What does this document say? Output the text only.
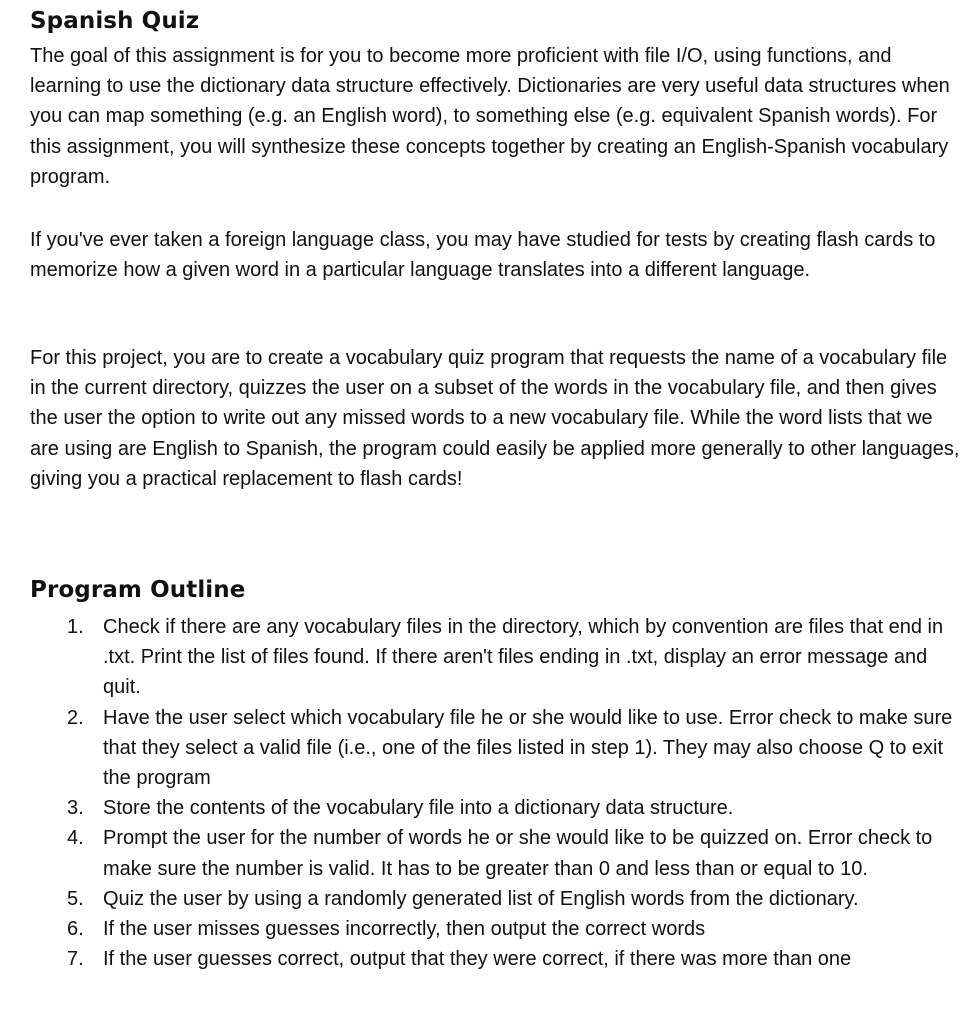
Spanish Quiz

The goal of this assignment is for you to become more proficient with file I/O, using functions, and learning to use the dictionary data structure effectively. Dictionaries are very useful data structures when you can map something (e.g. an English word), to something else (e.g. equivalent Spanish words). For this assignment, you will synthesize these concepts together by creating an English-Spanish vocabulary program.

If you've ever taken a foreign language class, you may have studied for tests by creating flash cards to memorize how a given word in a particular language translates into a different language.

For this project, you are to create a vocabulary quiz program that requests the name of a vocabulary file in the current directory, quizzes the user on a subset of the words in the vocabulary file, and then gives the user the option to write out any missed words to a new vocabulary file. While the word lists that we are using are English to Spanish, the program could easily be applied more generally to other languages, giving you a practical replacement to flash cards!

Program Outline
1. Check if there are any vocabulary files in the directory, which by convention are files that end in .txt. Print the list of files found. If there aren't files ending in .txt, display an error message and quit.
2. Have the user select which vocabulary file he or she would like to use. Error check to make sure that they select a valid file (i.e., one of the files listed in step 1). They may also choose Q to exit the program
3. Store the contents of the vocabulary file into a dictionary data structure.
4. Prompt the user for the number of words he or she would like to be quizzed on. Error check to make sure the number is valid. It has to be greater than 0 and less than or equal to 10.
5. Quiz the user by using a randomly generated list of English words from the dictionary.
6. If the user misses guesses incorrectly, then output the correct words
7. If the user guesses correct, output that they were correct, if there was more than one
